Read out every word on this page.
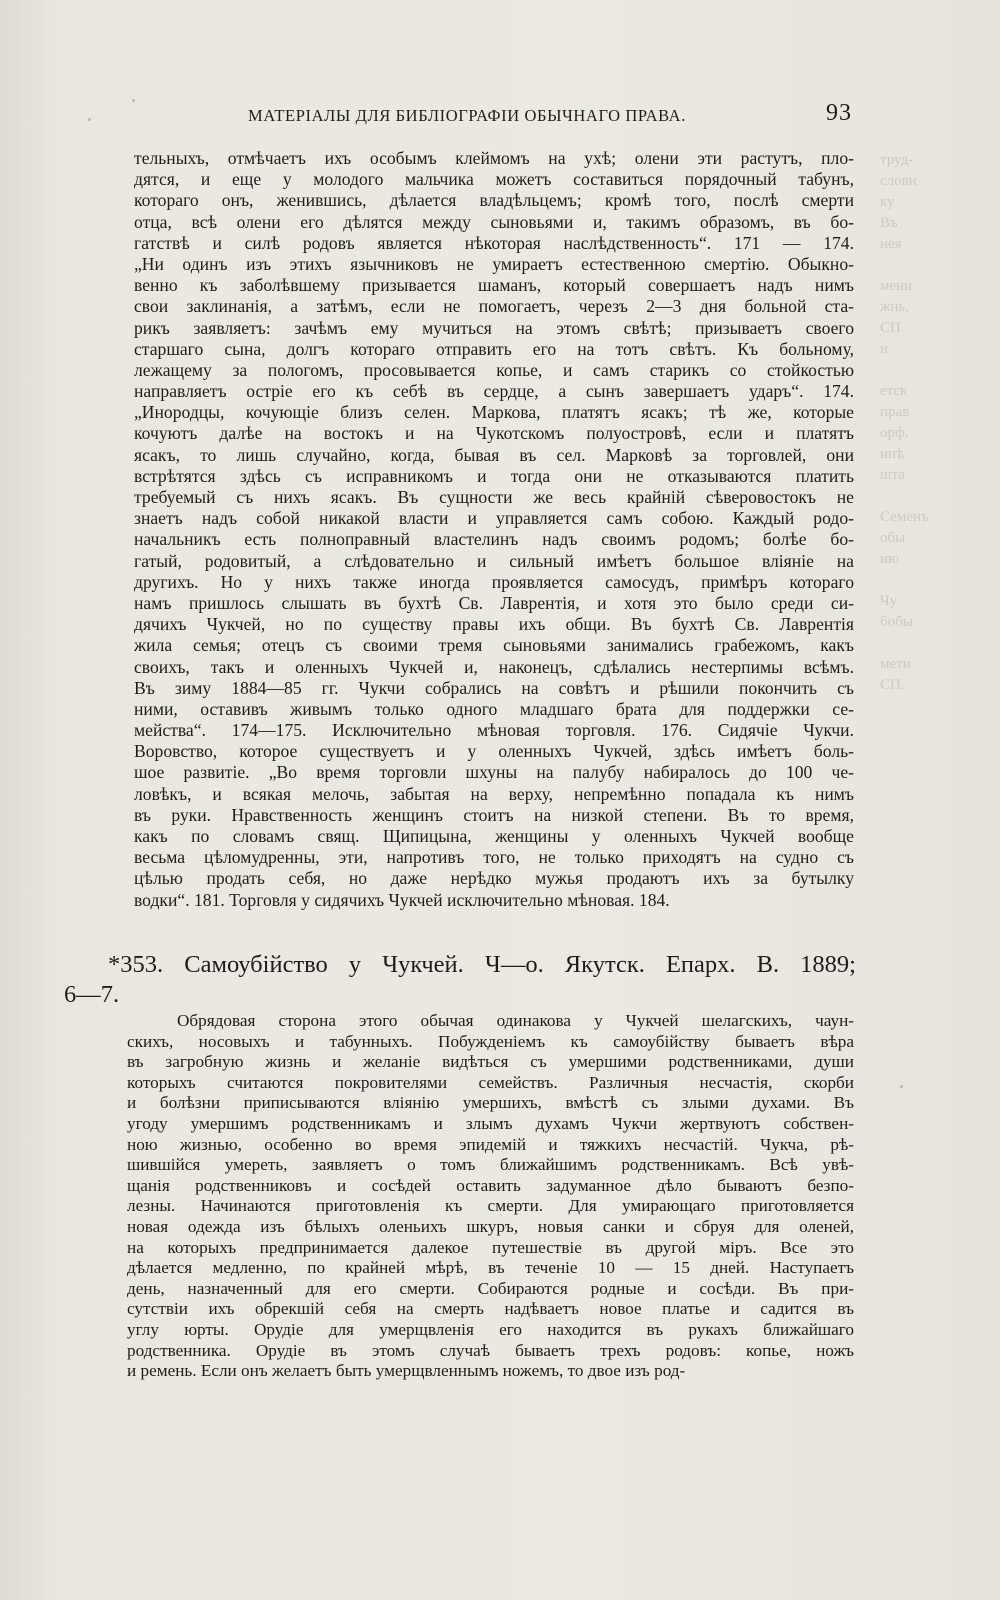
МАТЕРІАЛЫ ДЛЯ БИБЛІОГРАФІИ ОБЫЧНАГО ПРАВА.	93
тельныхъ, отмѣчаетъ ихъ особымъ клеймомъ на ухѣ; олени эти растутъ, пло-
дятся, и еще у молодого мальчика можетъ составиться порядочный табунъ,
котораго онъ, женившись, дѣлается владѣльцемъ; кромѣ того, послѣ смерти
отца, всѣ олени его дѣлятся между сыновьями и, такимъ образомъ, въ бо-
гатствѣ и силѣ родовъ является нѣкоторая наслѣдственность“. 171 — 174.
„Ни одинъ изъ этихъ язычниковъ не умираетъ естественною смертію. Обыкно-
венно къ заболѣвшему призывается шаманъ, который совершаетъ надъ нимъ
свои заклинанія, а затѣмъ, если не помогаетъ, черезъ 2—3 дня больной ста-
рикъ заявляетъ: зачѣмъ ему мучиться на этомъ свѣтѣ; призываетъ своего
старшаго сына, долгъ котораго отправить его на тотъ свѣтъ. Къ больному,
лежащему за пологомъ, просовывается копье, и самъ старикъ со стойкостью
направляетъ остріе его къ себѣ въ сердце, а сынъ завершаетъ ударъ“. 174.
„Инородцы, кочующіе близъ селен. Маркова, платятъ ясакъ; тѣ же, которые
кочуютъ далѣе на востокъ и на Чукотскомъ полуостровѣ, если и платятъ
ясакъ, то лишь случайно, когда, бывая въ сел. Марковѣ за торговлей, они
встрѣтятся здѣсь съ исправникомъ и тогда они не отказываются платить
требуемый съ нихъ ясакъ. Въ сущности же весь крайній сѣверовостокъ не
знаетъ надъ собой никакой власти и управляется самъ собою. Каждый родо-
начальникъ есть полноправный властелинъ надъ своимъ родомъ; болѣе бо-
гатый, родовитый, а слѣдовательно и сильный имѣетъ большое вліяніе на
другихъ. Но у нихъ также иногда проявляется самосудъ, примѣръ котораго
намъ пришлось слышать въ бухтѣ Св. Лаврентія, и хотя это было среди си-
дячихъ Чукчей, но по существу правы ихъ общи. Въ бухтѣ Св. Лаврентія
жила семья; отецъ съ своими тремя сыновьями занимались грабежомъ, какъ
своихъ, такъ и оленныхъ Чукчей и, наконецъ, сдѣлались нестерпимы всѣмъ.
Въ зиму 1884—85 гг. Чукчи собрались на совѣтъ и рѣшили покончить съ
ними, оставивъ живымъ только одного младшаго брата для поддержки се-
мейства“. 174—175. Исключительно мѣновая торговля. 176. Сидячіе Чукчи.
Воровство, которое существуетъ и у оленныхъ Чукчей, здѣсь имѣетъ боль-
шое развитіе. „Во время торговли шхуны на палубу набиралось до 100 че-
ловѣкъ, и всякая мелочь, забытая на верху, непремѣнно попадала къ нимъ
въ руки. Нравственность женщинъ стоитъ на низкой степени. Въ то время,
какъ по словамъ свящ. Щипицына, женщины у оленныхъ Чукчей вообще
весьма цѣломудренны, эти, напротивъ того, не только приходятъ на судно съ
цѣлью продать себя, но даже нерѣдко мужья продаютъ ихъ за бутылку
водки“. 181. Торговля у сидячихъ Чукчей исключительно мѣновая. 184.
*353. Самоубійство у Чукчей. Ч—о. Якутск. Епарх. В. 1889;
6—7.
Обрядовая сторона этого обычая одинакова у Чукчей шелагскихъ, чаун-
скихъ, носовыхъ и табунныхъ. Побужденіемъ къ самоубійству бываетъ вѣра
въ загробную жизнь и желаніе видѣться съ умершими родственниками, души
которыхъ считаются покровителями семействъ. Различныя несчастія, скорби
и болѣзни приписываются вліянію умершихъ, вмѣстѣ съ злыми духами. Въ
угоду умершимъ родственникамъ и злымъ духамъ Чукчи жертвуютъ собствен-
ною жизнью, особенно во время эпидемій и тяжкихъ несчастій. Чукча, рѣ-
шившійся умереть, заявляетъ о томъ ближайшимъ родственникамъ. Всѣ увѣ-
щанія родственниковъ и сосѣдей оставить задуманное дѣло бываютъ безпо-
лезны. Начинаются приготовленія къ смерти. Для умирающаго приготовляется
новая одежда изъ бѣлыхъ оленьихъ шкуръ, новыя санки и сбруя для оленей,
на которыхъ предпринимается далекое путешествіе въ другой міръ. Все это
дѣлается медленно, по крайней мѣрѣ, въ теченіе 10 — 15 дней. Наступаетъ
день, назначенный для его смерти. Собираются родные и сосѣди. Въ при-
сутствіи ихъ обрекшій себя на смерть надѣваетъ новое платье и садится въ
углу юрты. Орудіе для умерщвленія его находится въ рукахъ ближайшаго
родственника. Орудіе въ этомъ случаѣ бываетъ трехъ родовъ: копье, ножъ
и ремень. Если онъ желаетъ быть умерщвленнымъ ножемъ, то двое изъ род-
труд-
словн
ку
Въ
нея
мени
жнь,
СП
и
етск
прав
орф.
ипѣ
шта
Семенъ
обы
ию
Чу
бобы
мети
СП.
